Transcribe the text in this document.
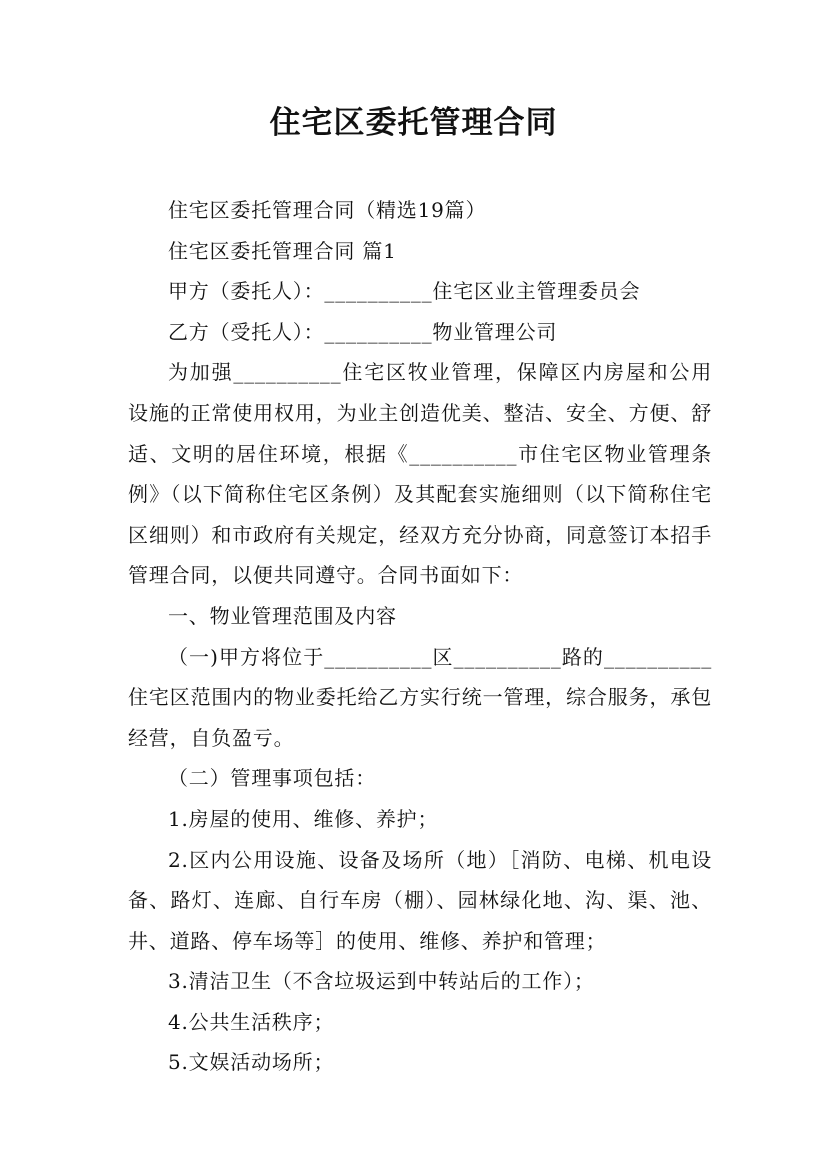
住宅区委托管理合同

住宅区委托管理合同（精选19篇）

住宅区委托管理合同 篇1

甲方（委托人）：__________住宅区业主管理委员会

乙方（受托人）：__________物业管理公司

为加强__________住宅区牧业管理，保障区内房屋和公用设施的正常使用权用，为业主创造优美、整洁、安全、方便、舒适、文明的居住环境，根据《__________市住宅区物业管理条例》（以下简称住宅区条例）及其配套实施细则（以下简称住宅区细则）和市政府有关规定，经双方充分协商，同意签订本招手管理合同，以便共同遵守。合同书面如下：

一、物业管理范围及内容

（一)甲方将位于__________区__________路的__________住宅区范围内的物业委托给乙方实行统一管理，综合服务，承包经营，自负盈亏。

（二）管理事项包括：

1.房屋的使用、维修、养护；

2.区内公用设施、设备及场所（地）［消防、电梯、机电设备、路灯、连廊、自行车房（棚）、园林绿化地、沟、渠、池、井、道路、停车场等］的使用、维修、养护和管理；

3.清洁卫生（不含垃圾运到中转站后的工作）；

4.公共生活秩序；

5.文娱活动场所；
